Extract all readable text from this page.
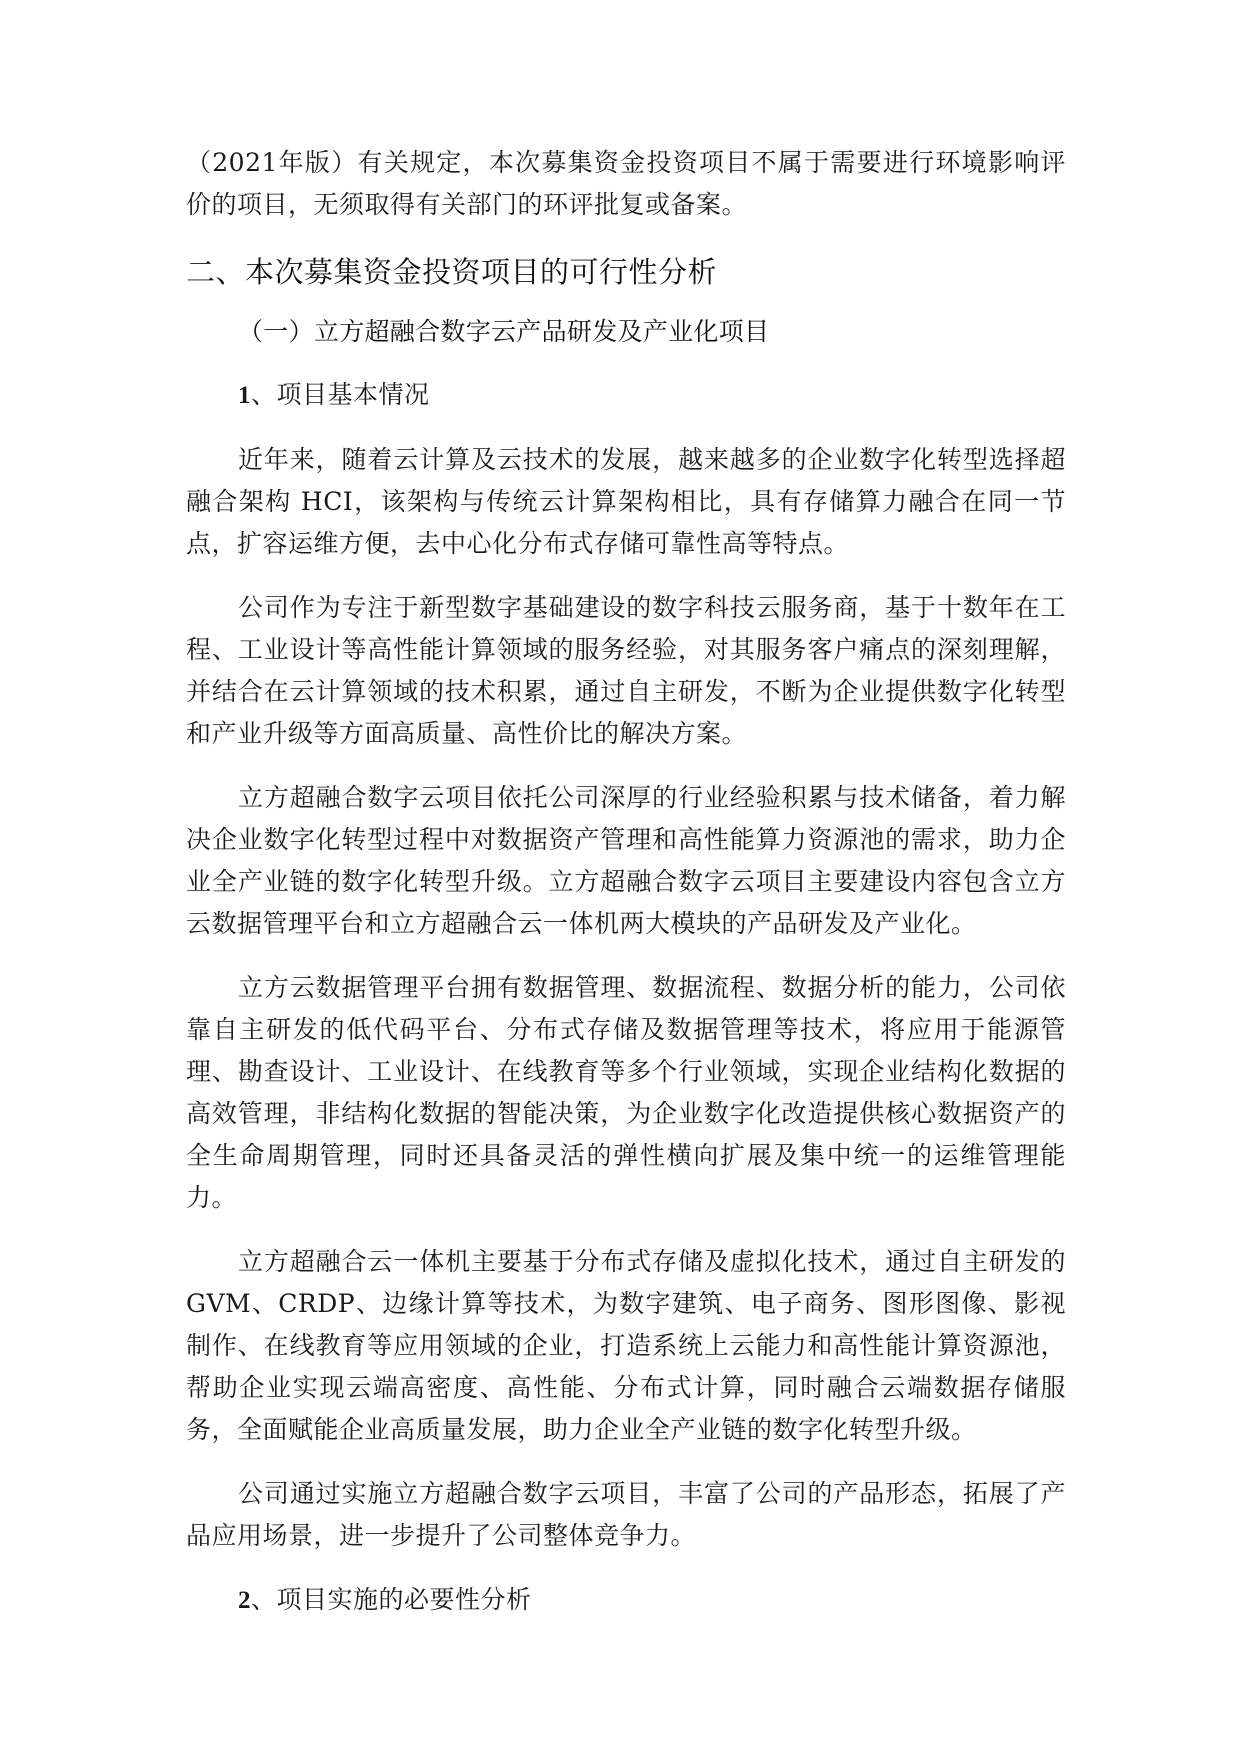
（2021年版）有关规定，本次募集资金投资项目不属于需要进行环境影响评价的项目，无须取得有关部门的环评批复或备案。

二、本次募集资金投资项目的可行性分析
（一）立方超融合数字云产品研发及产业化项目

1、项目基本情况

近年来，随着云计算及云技术的发展，越来越多的企业数字化转型选择超融合架构 HCI，该架构与传统云计算架构相比，具有存储算力融合在同一节点，扩容运维方便，去中心化分布式存储可靠性高等特点。

公司作为专注于新型数字基础建设的数字科技云服务商，基于十数年在工程、工业设计等高性能计算领域的服务经验，对其服务客户痛点的深刻理解，并结合在云计算领域的技术积累，通过自主研发，不断为企业提供数字化转型和产业升级等方面高质量、高性价比的解决方案。

立方超融合数字云项目依托公司深厚的行业经验积累与技术储备，着力解决企业数字化转型过程中对数据资产管理和高性能算力资源池的需求，助力企业全产业链的数字化转型升级。立方超融合数字云项目主要建设内容包含立方云数据管理平台和立方超融合云一体机两大模块的产品研发及产业化。

立方云数据管理平台拥有数据管理、数据流程、数据分析的能力，公司依靠自主研发的低代码平台、分布式存储及数据管理等技术，将应用于能源管理、勘查设计、工业设计、在线教育等多个行业领域，实现企业结构化数据的高效管理，非结构化数据的智能决策，为企业数字化改造提供核心数据资产的全生命周期管理，同时还具备灵活的弹性横向扩展及集中统一的运维管理能力。

立方超融合云一体机主要基于分布式存储及虚拟化技术，通过自主研发的GVM、CRDP、边缘计算等技术，为数字建筑、电子商务、图形图像、影视制作、在线教育等应用领域的企业，打造系统上云能力和高性能计算资源池，帮助企业实现云端高密度、高性能、分布式计算，同时融合云端数据存储服务，全面赋能企业高质量发展，助力企业全产业链的数字化转型升级。

公司通过实施立方超融合数字云项目，丰富了公司的产品形态，拓展了产品应用场景，进一步提升了公司整体竞争力。

2、项目实施的必要性分析
